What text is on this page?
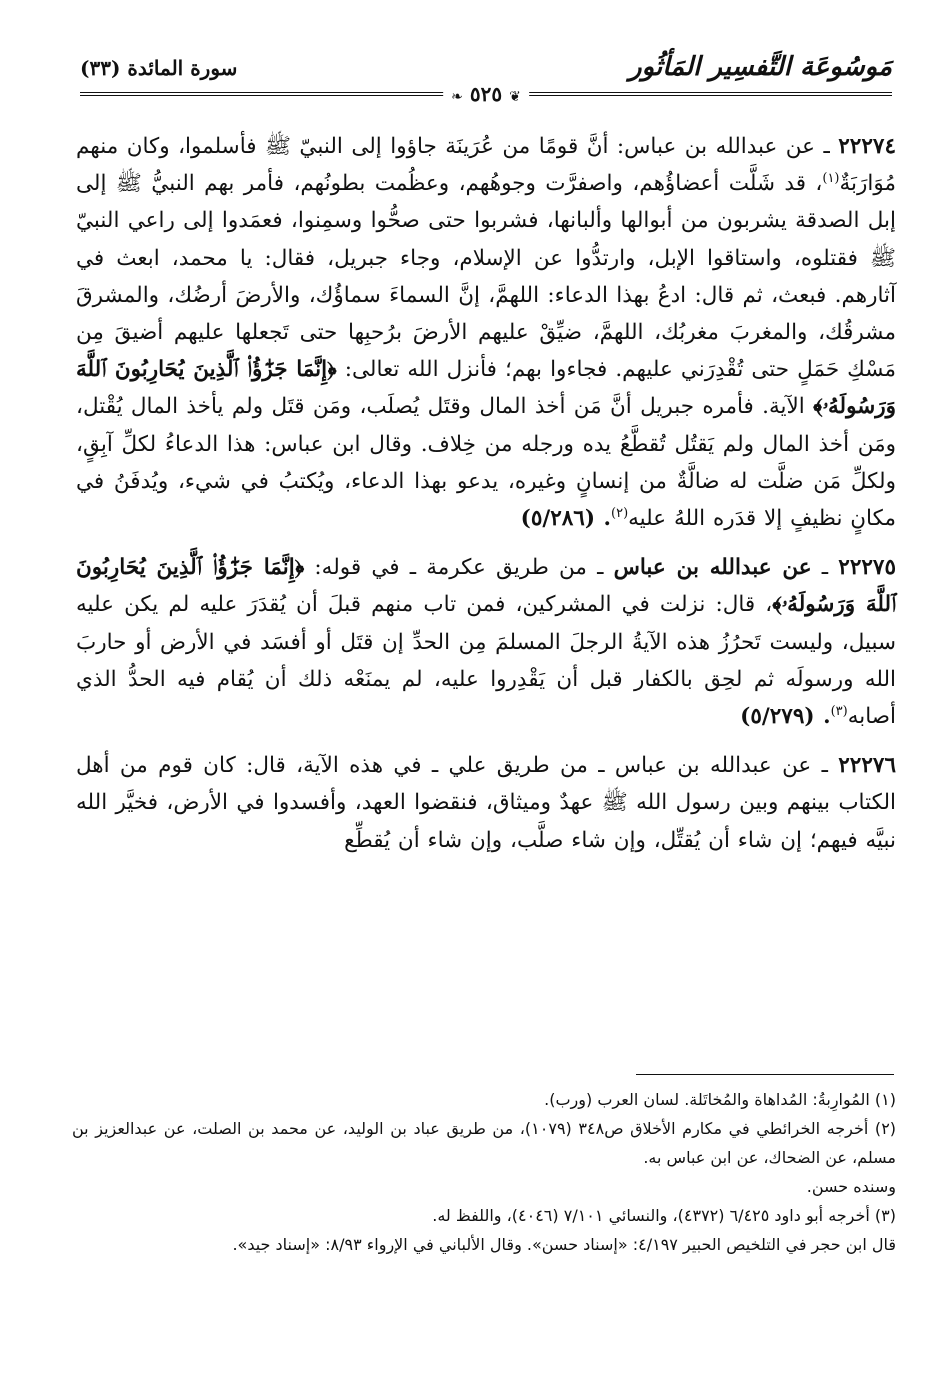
مَوسُوعَة التَّفسِير المَأثُور
سورة المائدة (٣٣)
❦ ٥٢٥ ❧

٢٢٢٧٤ ـ عن عبدالله بن عباس: أنَّ قومًا من عُرَينَة جاؤوا إلى النبيّ ﷺ فأسلموا، وكان منهم مُوَارَبَةٌ$^{(١)}$، قد شَلَّت أعضاؤُهم، واصفرَّت وجوهُهم، وعظُمت بطونُهم، فأمر بهم النبيُّ ﷺ إلى إبل الصدقة يشربون من أبوالها وألبانها، فشربوا حتى صحُّوا وسمِنوا، فعمَدوا إلى راعي النبيّ ﷺ فقتلوه، واستاقوا الإبل، وارتدُّوا عن الإسلام، وجاء جبريل، فقال: يا محمد، ابعث في آثارهم. فبعث، ثم قال: ادعُ بهذا الدعاء: اللهمَّ، إنَّ السماءَ سماؤُك، والأرضَ أرضُك، والمشرقَ مشرقُك، والمغربَ مغربُك، اللهمَّ، ضيِّقْ عليهم الأرضَ برُحبِها حتى تَجعلها عليهم أضيقَ مِن مَسْكِ حَمَلٍ حتى تُقْدِرَني عليهم. فجاءوا بهم؛ فأنزل الله تعالى: ﴿إِنَّمَا جَزَٰٓؤُا۟ ٱلَّذِينَ يُحَارِبُونَ ٱللَّهَ وَرَسُولَهُۥ﴾ الآية. فأمره جبريل أنَّ مَن أخذ المال وقتَل يُصلَب، ومَن قتَل ولم يأخذ المال يُقْتل، ومَن أخذ المال ولم يَقتُل تُقطَّعُ يده ورجله من خِلاف. وقال ابن عباس: هذا الدعاءُ لكلِّ آبِقٍ، ولكلِّ مَن ضلَّت له ضالَّةٌ من إنسانٍ وغيره، يدعو بهذا الدعاء، ويُكتبُ في شيء، ويُدفَنُ في مكانٍ نظيفٍ إلا قدَره اللهُ عليه$^{(٢)}$. (٥/٢٨٦)

٢٢٢٧٥ ـ عن عبدالله بن عباس ـ من طريق عكرمة ـ في قوله: ﴿إِنَّمَا جَزَٰٓؤُا۟ ٱلَّذِينَ يُحَارِبُونَ ٱللَّهَ وَرَسُولَهُۥ﴾، قال: نزلت في المشركين، فمن تاب منهم قبلَ أن يُقدَرَ عليه لم يكن عليه سبيل، وليست تَحرُزُ هذه الآيةُ الرجلَ المسلمَ مِن الحدِّ إن قتَل أو أفسَد في الأرض أو حاربَ الله ورسولَه ثم لحِق بالكفار قبل أن يَقْدِروا عليه، لم يمنَعْه ذلك أن يُقام فيه الحدُّ الذي أصابه$^{(٣)}$. (٥/٢٧٩)

٢٢٢٧٦ ـ عن عبدالله بن عباس ـ من طريق علي ـ في هذه الآية، قال: كان قوم من أهل الكتاب بينهم وبين رسول الله ﷺ عهدٌ وميثاق، فنقضوا العهد، وأفسدوا في الأرض، فخيَّر الله نبيَّه فيهم؛ إن شاء أن يُقتِّل، وإن شاء صلَّب، وإن شاء أن يُقطِّع

(١) المُوارِبةُ: المُداهاة والمُخاتَلة. لسان العرب (ورب).

(٢) أخرجه الخرائطي في مكارم الأخلاق ص٣٤٨ (١٠٧٩)، من طريق عباد بن الوليد، عن محمد بن الصلت، عن عبدالعزيز بن مسلم، عن الضحاك، عن ابن عباس به.

وسنده حسن.

(٣) أخرجه أبو داود ٦/٤٢٥ (٤٣٧٢)، والنسائي ٧/١٠١ (٤٠٤٦)، واللفظ له.

قال ابن حجر في التلخيص الحبير ٤/١٩٧: «إسناد حسن». وقال الألباني في الإرواء ٨/٩٣: «إسناد جيد».
